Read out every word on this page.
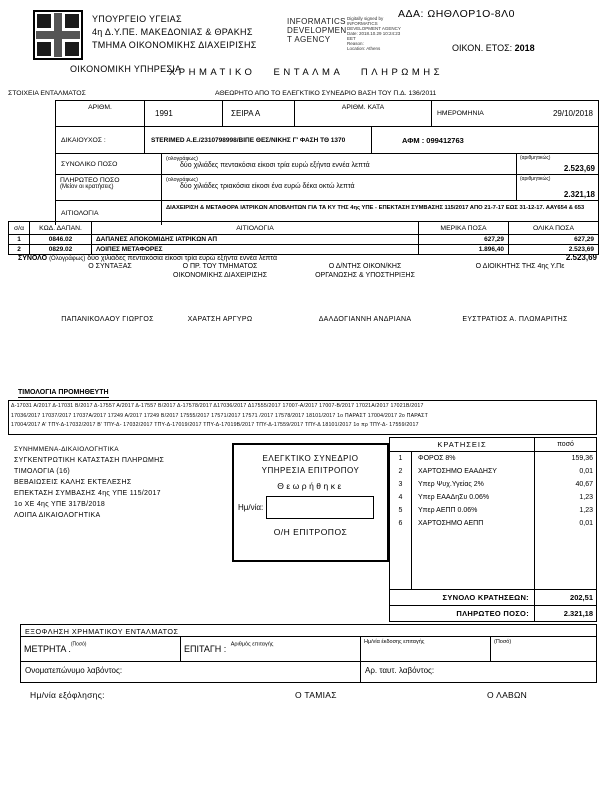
ΥΠΟΥΡΓΕΙΟ ΥΓΕΙΑΣ
4η Δ.Υ.ΠΕ. ΜΑΚΕΔΟΝΙΑΣ & ΘΡΑΚΗΣ
ΤΜΗΜΑ ΟΙΚΟΝΟΜΙΚΗΣ ΔΙΑΧΕΙΡΙΣΗΣ
ΟΙΚΟΝΟΜΙΚΗ ΥΠΗΡΕΣΙΑ
INFORMATICS
DEVELOPMEN
T AGENCY
Digitally signed by
INFORMATICS
DEVELOPMENT AGENCY
Date: 2018.10.29 10:24:23
EET
Reason:
Location: Athens
ΑΔΑ: ΩΗΘΛΟΡ1Ο-8Λ0
ΟΙΚΟΝ. ΕΤΟΣ: 2018
ΧΡΗΜΑΤΙΚΟ ΕΝΤΑΛΜΑ ΠΛΗΡΩΜΗΣ
ΣΤΟΙΧΕΙΑ ΕΝΤΑΛΜΑΤΟΣ	ΑΘΕΩΡΗΤΟ ΑΠΟ ΤΟ ΕΛΕΓΚΤΙΚΟ ΣΥΝΕΔΡΙΟ ΒΑΣΗ ΤΟΥ Π.Δ. 136/2011
ΑΡΙΘΜ.
1991	ΣΕΙΡΑ Α
ΑΡΙΘΜ. ΚΑΤΑ
ΗΜΕΡΟΜΗΝΙΑ	29/10/2018
ΔΙΚΑΙΟΥΧΟΣ :	STERIMED A.E./2310798998/ΒΙΠΕ ΘΕΣ/ΝΙΚΗΣ Γ' ΦΑΣΗ ΤΘ 1370	ΑΦΜ : 099412763
ΣΥΝΟΛΙΚΟ ΠΟΣΟ
(ολογράφως)
δύο χιλιάδες πεντακόσια είκοσι τρία ευρώ εξήντα εννέα λεπτά
(αριθμητικώς)
2.523,69
ΠΛΗΡΩΤΕΟ ΠΟΣΟ
(Μείον οι κρατήσεις)
(ολογράφως)
δύο χιλιάδες τριακόσια είκοσι ένα ευρώ δέκα οκτώ λεπτά
(αριθμητικώς)
2.321,18
ΑΙΤΙΟΛΟΓΙΑ
ΔΙΑΧΕΙΡΙΣΗ & ΜΕΤΑΦΟΡΑ ΙΑΤΡΙΚΩΝ ΑΠΟΒΛΗΤΩΝ ΓΙΑ ΤΑ ΚΥ ΤΗΣ 4ης ΥΠΕ - ΕΠΕΚΤΑΣΗ ΣΥΜΒΑΣΗΣ 115/2017 ΑΠΟ 21-7-17 ΕΩΣ 31-12-17. ΑΑΥ654 & 653
σ/α	ΚΩΔ. ΔΑΠΑΝ.	ΑΙΤΙΟΛΟΓΙΑ	ΜΕΡΙΚΑ ΠΟΣΑ	ΟΛΙΚΑ ΠΟΣΑ
1	0846.02	ΔΑΠΑΝΕΣ ΑΠΟΚΟΜΙΔΗΣ ΙΑΤΡΙΚΩΝ ΑΠ	627,29	627,29
2	0829.02	ΛΟΙΠΕΣ ΜΕΤΑΦΟΡΕΣ	1.896,40	2.523,69
ΣΥΝΟΛΟ (Ολογράφως) δύο χιλιάδες πεντακόσια είκοσι τρία ευρώ εξήντα εννέα λεπτά	2.523,69
Ο ΣΥΝΤΑΞΑΣ	Ο ΠΡ. ΤΟΥ ΤΜΗΜΑΤΟΣ
ΟΙΚΟΝΟΜΙΚΗΣ ΔΙΑΧΕΙΡΙΣΗΣ
Ο Δ/ΝΤΗΣ ΟΙΚΟΝ/ΚΗΣ
ΟΡΓΑΝΩΣΗΣ & ΥΠΟΣΤΗΡΙΞΗΣ
Ο ΔΙΟΙΚΗΤΗΣ ΤΗΣ 4ης Υ.Πε
ΠΑΠΑΝΙΚΟΛΑΟΥ ΓΙΩΡΓΟΣ	ΧΑΡΑΤΣΗ ΑΡΓΥΡΩ	ΔΑΛΔΟΓΙΑΝΝΗ ΑΝΔΡΙΑΝΑ	ΕΥΣΤΡΑΤΙΟΣ Α. ΠΛΩΜΑΡΙΤΗΣ
ΤΙΜΟΛΟΓΙΑ ΠΡΟΜΗΘΕΥΤΗ
Δ-17031 Α/2017 Δ-17031 Β/2017 Δ-17557 Α/2017 Δ-17557 Β/2017 Δ-17578/2017 Δ17036/2017 Δ17555/2017 17007-Α/2017 17007-Β/2017 17021Α/2017 17021Β/2017
17036/2017 17037/2017 17037Α/2017 17249 Α/2017 17249 Β/2017 17555/2017 17571/2017 17571 /2017 17578/2017 18101/2017 1ο ΠΑΡΑΣΤ 17004/2017 2ο ΠΑΡΑΣΤ
17004/2017 Α' ΤΠΥ-Δ-17032/2017 Β' ΤΠΥ-Δ- 17032/2017 ΤΠΥ-Δ-17019/2017 ΤΠΥ-Δ-17019Β/2017 ΤΠΥ-Δ-17559/2017 ΤΠΥ-Δ 18101/2017 1ο πρ ΤΠΥ-Δ- 17559/2017
ΣΥΝΗΜΜΕΝΑ-ΔΙΚΑΙΟΛΟΓΗΤΙΚΑ
ΣΥΓΚΕΝΤΡΩΤΙΚΗ ΚΑΤΑΣΤΑΣΗ ΠΛΗΡΩΜΗΣ
ΤΙΜΟΛΟΓΙΑ (16)
ΒΕΒΑΙΩΣΕΙΣ ΚΑΛΗΣ ΕΚΤΕΛΕΣΗΣ
ΕΠΕΚΤΑΣΗ ΣΥΜΒΑΣΗΣ 4ης ΥΠΕ 115/2017
1ο ΧΕ 4ης ΥΠΕ 317Β/2018
ΛΟΙΠΑ ΔΙΚΑΙΟΛΟΓΗΤΙΚΑ
ΕΛΕΓΚΤΙΚΟ ΣΥΝΕΔΡΙΟ
ΥΠΗΡΕΣΙΑ ΕΠΙΤΡΟΠΟΥ
Θεωρήθηκε
Ημ/νία:
Ο/Η ΕΠΙΤΡΟΠΟΣ
ΚΡΑΤΗΣΕΙΣ	ποσό
1	ΦΟΡΟΣ 8%	159,36
2	ΧΑΡΤΟΣΗΜΟ ΕΑΑΔΗΣΥ	0,01
3	Υπερ Ψυχ.Υγείας 2%	40,67
4	Υπερ ΕΑΑΔηΣυ 0.06%	1,23
5	Υπερ ΑΕΠΠ 0.06%	1,23
6	ΧΑΡΤΟΣΗΜΟ ΑΕΠΠ	0,01
ΣΥΝΟΛΟ ΚΡΑΤΗΣΕΩΝ:	202,51
ΠΛΗΡΩΤΕΟ ΠΟΣΟ:	2.321,18
ΕΞΟΦΛΗΣΗ ΧΡΗΜΑΤΙΚΟΥ ΕΝΤΑΛΜΑΤΟΣ
ΜΕΤΡΗΤΑ .$^{(\Pi o\sigma ό)}$	ΕΠΙΤΑΓΗ : $^{A\rho\iota\theta\mu ό\varsigma \varepsilon\pi\iota\tau\alpha\gamma ή\varsigma}$	Ημ/νία έκδοσης επιταγής	(Ποσό)
Ονοματεπώνυμο λαβόντος:	Αρ. ταυτ. λαβόντος:
Ημ/νία εξόφλησης:	Ο ΤΑΜΙΑΣ	Ο ΛΑΒΩΝ
